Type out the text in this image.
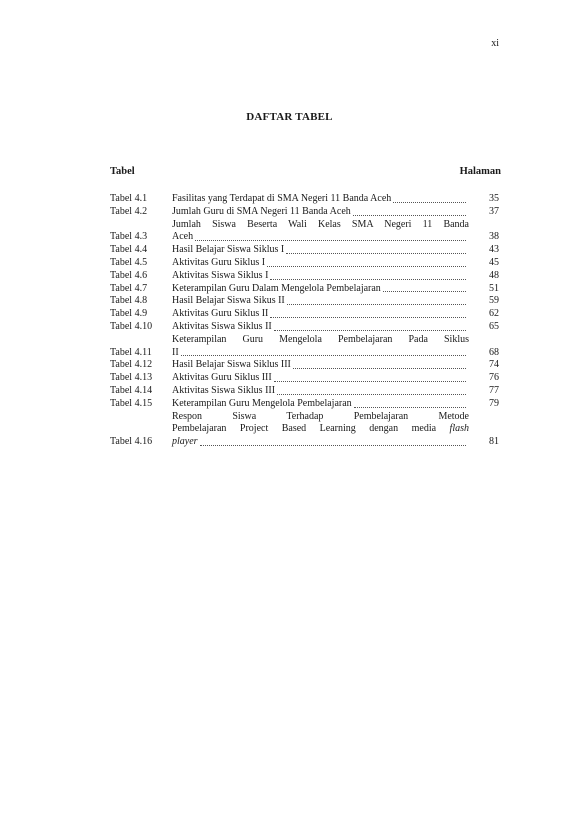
xi
DAFTAR TABEL
Tabel	Halaman
Tabel 4.1	Fasilitas yang Terdapat di SMA Negeri 11 Banda Aceh	35
Tabel 4.2	Jumlah Guru di SMA Negeri 11 Banda Aceh	37
Tabel 4.3
Jumlah Siswa Beserta Wali Kelas SMA Negeri 11 Banda
Aceh	38
Tabel 4.4	Hasil Belajar Siswa Siklus I	43
Tabel 4.5	Aktivitas Guru Siklus I	45
Tabel 4.6	Aktivitas Siswa Siklus I	48
Tabel 4.7	Keterampilan Guru Dalam Mengelola Pembelajaran	51
Tabel 4.8	Hasil Belajar Siswa Sikus II	59
Tabel 4.9	Aktivitas Guru Siklus II	62
Tabel 4.10	Aktivitas Siswa Siklus II	65
Tabel 4.11
Keterampilan Guru Mengelola Pembelajaran Pada Siklus
II	68
Tabel 4.12	Hasil Belajar Siswa Siklus III	74
Tabel 4.13	Aktivitas Guru Siklus III	76
Tabel 4.14	Aktivitas Siswa Siklus III	77
Tabel 4.15	Keterampilan Guru Mengelola Pembelajaran	79
Tabel 4.16
Respon Siswa Terhadap Pembelajaran Metode
Pembelajaran Project Based Learning dengan media flash
player	81
